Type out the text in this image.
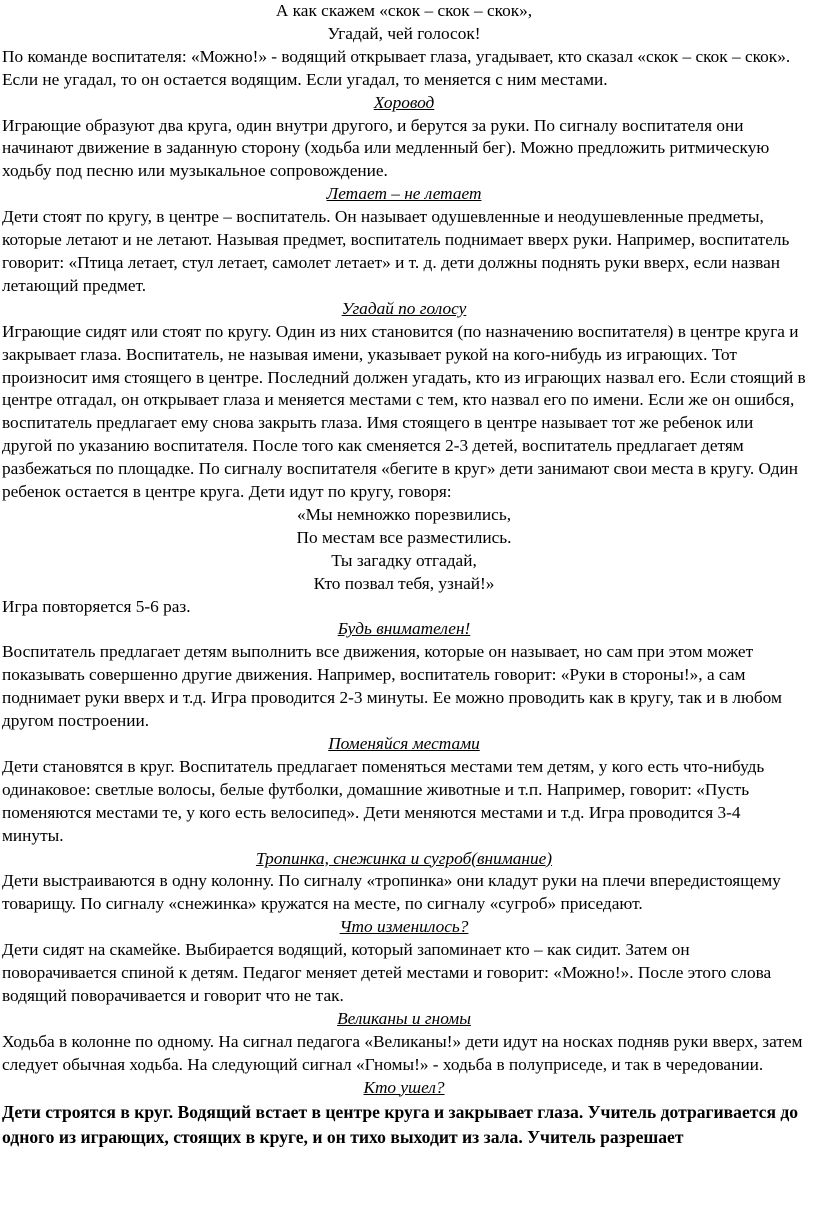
А как скажем «скок – скок – скок»,
Угадай, чей голосок!
По команде воспитателя: «Можно!» - водящий открывает глаза, угадывает, кто сказал «скок – скок – скок». Если не угадал, то он остается водящим. Если угадал, то меняется с ним местами.
Хоровод
Играющие образуют два круга, один внутри другого, и берутся за руки. По сигналу воспитателя они начинают движение в заданную сторону (ходьба или медленный бег). Можно предложить ритмическую ходьбу под песню или музыкальное сопровождение.
Летает – не летает
Дети стоят по кругу, в центре – воспитатель. Он называет одушевленные и неодушевленные предметы, которые летают и не летают. Называя предмет, воспитатель поднимает вверх руки. Например, воспитатель говорит: «Птица летает, стул летает, самолет летает» и т. д. дети должны поднять руки вверх, если назван летающий предмет.
Угадай по голосу
Играющие сидят или стоят по кругу. Один из них становится (по назначению воспитателя) в центре круга и закрывает глаза. Воспитатель, не называя имени, указывает рукой на кого-нибудь из играющих. Тот произносит имя стоящего в центре. Последний должен угадать, кто из играющих назвал его. Если стоящий в центре отгадал, он открывает глаза и меняется местами с тем, кто назвал его по имени. Если же он ошибся, воспитатель предлагает ему снова закрыть глаза. Имя стоящего в центре называет тот же ребенок или другой по указанию воспитателя. После того как сменяется 2-3 детей, воспитатель предлагает детям разбежаться по площадке. По сигналу воспитателя «бегите в круг» дети занимают свои места в кругу. Один ребенок остается в центре круга. Дети идут по кругу, говоря:
«Мы немножко порезвились,
По местам все разместились.
Ты загадку отгадай,
Кто позвал тебя, узнай!»
Игра повторяется 5-6 раз.
Будь внимателен!
Воспитатель предлагает детям выполнить все движения, которые он называет, но сам при этом может показывать совершенно другие движения. Например, воспитатель говорит: «Руки в стороны!», а сам поднимает руки вверх и т.д. Игра проводится 2-3 минуты. Ее можно проводить как в кругу, так и в любом другом построении.
Поменяйся местами
Дети становятся в круг. Воспитатель предлагает поменяться местами тем детям, у кого есть что-нибудь одинаковое: светлые волосы, белые футболки, домашние животные и т.п. Например, говорит: «Пусть поменяются местами те, у кого есть велосипед». Дети меняются местами и т.д. Игра проводится 3-4 минуты.
Тропинка, снежинка и сугроб(внимание)
Дети выстраиваются в одну колонну. По сигналу «тропинка» они кладут руки на плечи впередистоящему товарищу. По сигналу «снежинка» кружатся на месте, по сигналу «сугроб» приседают.
Что изменилось?
Дети сидят на скамейке. Выбирается водящий, который запоминает кто – как сидит. Затем он поворачивается спиной к детям. Педагог меняет детей местами и говорит: «Можно!». После этого слова водящий поворачивается и говорит что не так.
Великаны и гномы
Ходьба в колонне по одному. На сигнал педагога «Великаны!» дети идут на носках подняв руки вверх, затем следует обычная ходьба. На следующий сигнал «Гномы!» - ходьба в полуприседе, и так в чередовании.
Кто ушел?
Дети строятся в круг. Водящий встает в центре круга и закрывает глаза. Учитель дотрагивается до одного из играющих, стоящих в круге, и он тихо выходит из зала. Учитель разрешает
